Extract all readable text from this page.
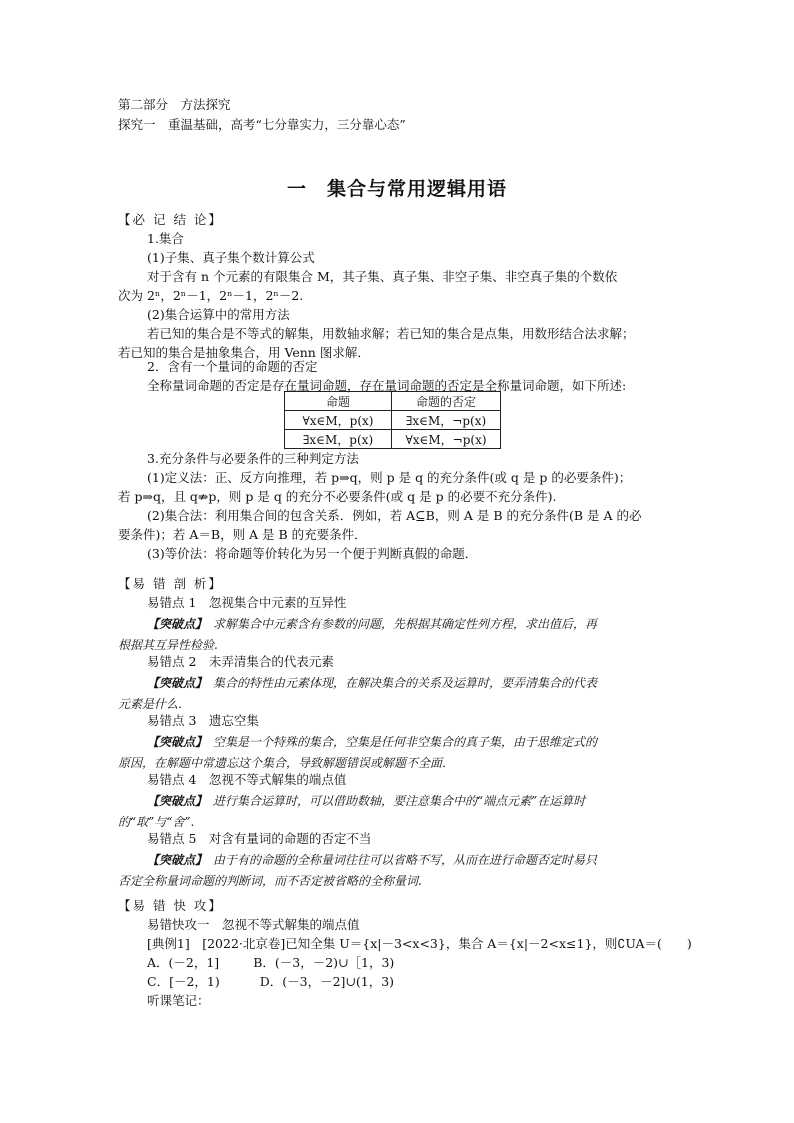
第二部分　方法探究
探究一　重温基础，高考“七分靠实力，三分靠心态”
一　集合与常用逻辑用语
【必 记 结 论】
1.集合
(1)子集、真子集个数计算公式
对于含有 n 个元素的有限集合 M，其子集、真子集、非空子集、非空真子集的个数依
次为 2ⁿ，2ⁿ－1，2ⁿ－1，2ⁿ－2.
(2)集合运算中的常用方法
若已知的集合是不等式的解集，用数轴求解；若已知的集合是点集，用数形结合法求解；
若已知的集合是抽象集合，用 Venn 图求解．
2．含有一个量词的命题的否定
全称量词命题的否定是存在量词命题，存在量词命题的否定是全称量词命题，如下所述:
命题	命题的否定
∀x∈M，p(x)	∃x∈M，¬p(x)
∃x∈M，p(x)	∀x∈M，¬p(x)
3.充分条件与必要条件的三种判定方法
(1)定义法：正、反方向推理，若 p⇒q，则 p 是 q 的充分条件(或 q 是 p 的必要条件)；
若 p⇒q，且 q⇏p，则 p 是 q 的充分不必要条件(或 q 是 p 的必要不充分条件).
(2)集合法：利用集合间的包含关系．例如，若 A⊆B，则 A 是 B 的充分条件(B 是 A 的必
要条件)；若 A＝B，则 A 是 B 的充要条件．
(3)等价法：将命题等价转化为另一个便于判断真假的命题．
【易 错 剖 析】
易错点 1　忽视集合中元素的互异性
【突破点】　求解集合中元素含有参数的问题，先根据其确定性列方程，求出值后，再
根据其互异性检验.
易错点 2　未弄清集合的代表元素
【突破点】　集合的特性由元素体现，在解决集合的关系及运算时，要弄清集合的代表
元素是什么．
易错点 3　遗忘空集
【突破点】　空集是一个特殊的集合，空集是任何非空集合的真子集，由于思维定式的
原因，在解题中常遗忘这个集合，导致解题错误或解题不全面．
易错点 4　忽视不等式解集的端点值
【突破点】　进行集合运算时，可以借助数轴，要注意集合中的“端点元素”在运算时
的“取”与“舍”.
易错点 5　对含有量词的命题的否定不当
【突破点】　由于有的命题的全称量词往往可以省略不写，从而在进行命题否定时易只
否定全称量词命题的判断词，而不否定被省略的全称量词.
【易 错 快 攻】
易错快攻一　忽视不等式解集的端点值
[典例1]　[2022·北京卷]已知全集 U＝{x|－3<x<3}，集合 A＝{x|－2<x≤1}，则∁UA＝(　　)
A．(－2，1]	B．(－3，－2)∪［1，3)
C．[－2，1)	D．(－3，－2]∪(1，3)
听课笔记：
